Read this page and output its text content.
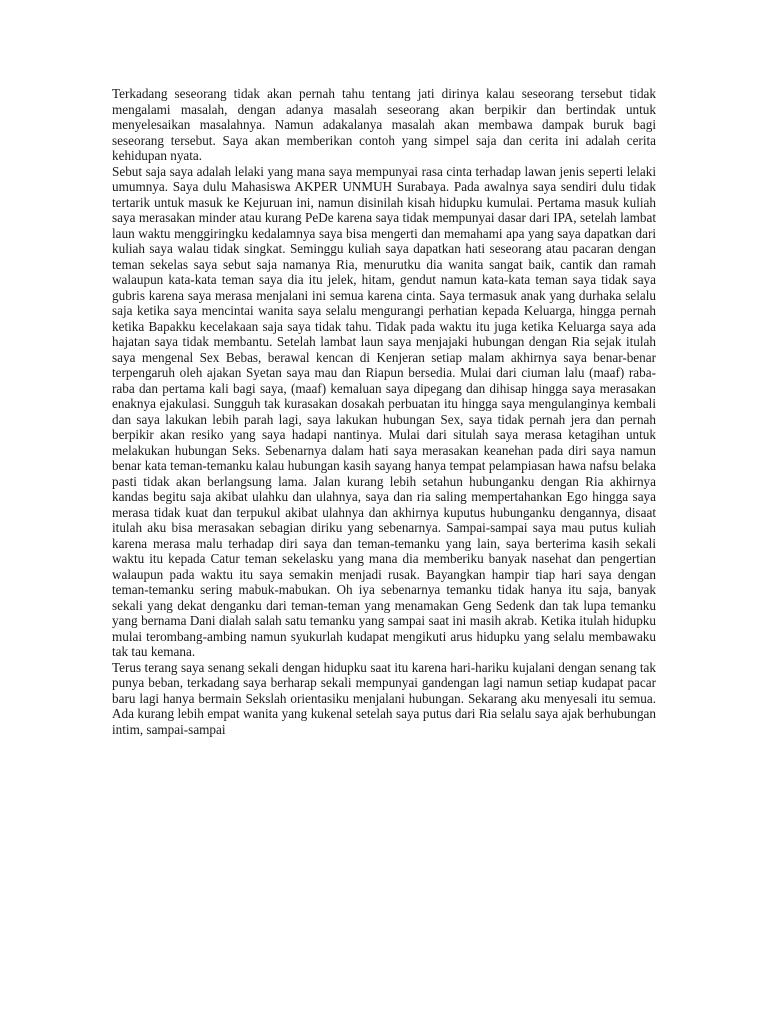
Terkadang seseorang tidak akan pernah tahu tentang jati dirinya kalau seseorang tersebut tidak mengalami masalah, dengan adanya masalah seseorang akan berpikir dan bertindak untuk menyelesaikan masalahnya. Namun adakalanya masalah akan membawa dampak buruk bagi seseorang tersebut. Saya akan memberikan contoh yang simpel saja dan cerita ini adalah cerita kehidupan nyata.

Sebut saja saya adalah lelaki yang mana saya mempunyai rasa cinta terhadap lawan jenis seperti lelaki umumnya. Saya dulu Mahasiswa AKPER UNMUH Surabaya. Pada awalnya saya sendiri dulu tidak tertarik untuk masuk ke Kejuruan ini, namun disinilah kisah hidupku kumulai. Pertama masuk kuliah saya merasakan minder atau kurang PeDe karena saya tidak mempunyai dasar dari IPA, setelah lambat laun waktu menggiringku kedalamnya saya bisa mengerti dan memahami apa yang saya dapatkan dari kuliah saya walau tidak singkat. Seminggu kuliah saya dapatkan hati seseorang atau pacaran dengan teman sekelas saya sebut saja namanya Ria, menurutku dia wanita sangat baik, cantik dan ramah walaupun kata-kata teman saya dia itu jelek, hitam, gendut namun kata-kata teman saya tidak saya gubris karena saya merasa menjalani ini semua karena cinta. Saya termasuk anak yang durhaka selalu saja ketika saya mencintai wanita saya selalu mengurangi perhatian kepada Keluarga, hingga pernah ketika Bapakku kecelakaan saja saya tidak tahu. Tidak pada waktu itu juga ketika Keluarga saya ada hajatan saya tidak membantu. Setelah lambat laun saya menjajaki hubungan dengan Ria sejak itulah saya mengenal Sex Bebas, berawal kencan di Kenjeran setiap malam akhirnya saya benar-benar terpengaruh oleh ajakan Syetan saya mau dan Riapun bersedia. Mulai dari ciuman lalu (maaf) raba-raba dan pertama kali bagi saya, (maaf) kemaluan saya dipegang dan dihisap hingga saya merasakan enaknya ejakulasi. Sungguh tak kurasakan dosakah perbuatan itu hingga saya mengulanginya kembali dan saya lakukan lebih parah lagi, saya lakukan hubungan Sex, saya tidak pernah jera dan pernah berpikir akan resiko yang saya hadapi nantinya. Mulai dari situlah saya merasa ketagihan untuk melakukan hubungan Seks. Sebenarnya dalam hati saya merasakan keanehan pada diri saya namun benar kata teman-temanku kalau hubungan kasih sayang hanya tempat pelampiasan hawa nafsu belaka pasti tidak akan berlangsung lama. Jalan kurang lebih setahun hubunganku dengan Ria akhirnya kandas begitu saja akibat ulahku dan ulahnya, saya dan ria saling mempertahankan Ego hingga saya merasa tidak kuat dan terpukul akibat ulahnya dan akhirnya kuputus hubunganku dengannya, disaat itulah aku bisa merasakan sebagian diriku yang sebenarnya. Sampai-sampai saya mau putus kuliah karena merasa malu terhadap diri saya dan teman-temanku yang lain, saya berterima kasih sekali waktu itu kepada Catur teman sekelasku yang mana dia memberiku banyak nasehat dan pengertian walaupun pada waktu itu saya semakin menjadi rusak. Bayangkan hampir tiap hari saya dengan teman-temanku sering mabuk-mabukan. Oh iya sebenarnya temanku tidak hanya itu saja, banyak sekali yang dekat denganku dari teman-teman yang menamakan Geng Sedenk dan tak lupa temanku yang bernama Dani dialah salah satu temanku yang sampai saat ini masih akrab. Ketika itulah hidupku mulai terombang-ambing namun syukurlah kudapat mengikuti arus hidupku yang selalu membawaku tak tau kemana.

Terus terang saya senang sekali dengan hidupku saat itu karena hari-hariku kujalani dengan senang tak punya beban, terkadang saya berharap sekali mempunyai gandengan lagi namun setiap kudapat pacar baru lagi hanya bermain Sekslah orientasiku menjalani hubungan. Sekarang aku menyesali itu semua. Ada kurang lebih empat wanita yang kukenal setelah saya putus dari Ria selalu saya ajak berhubungan intim, sampai-sampai
